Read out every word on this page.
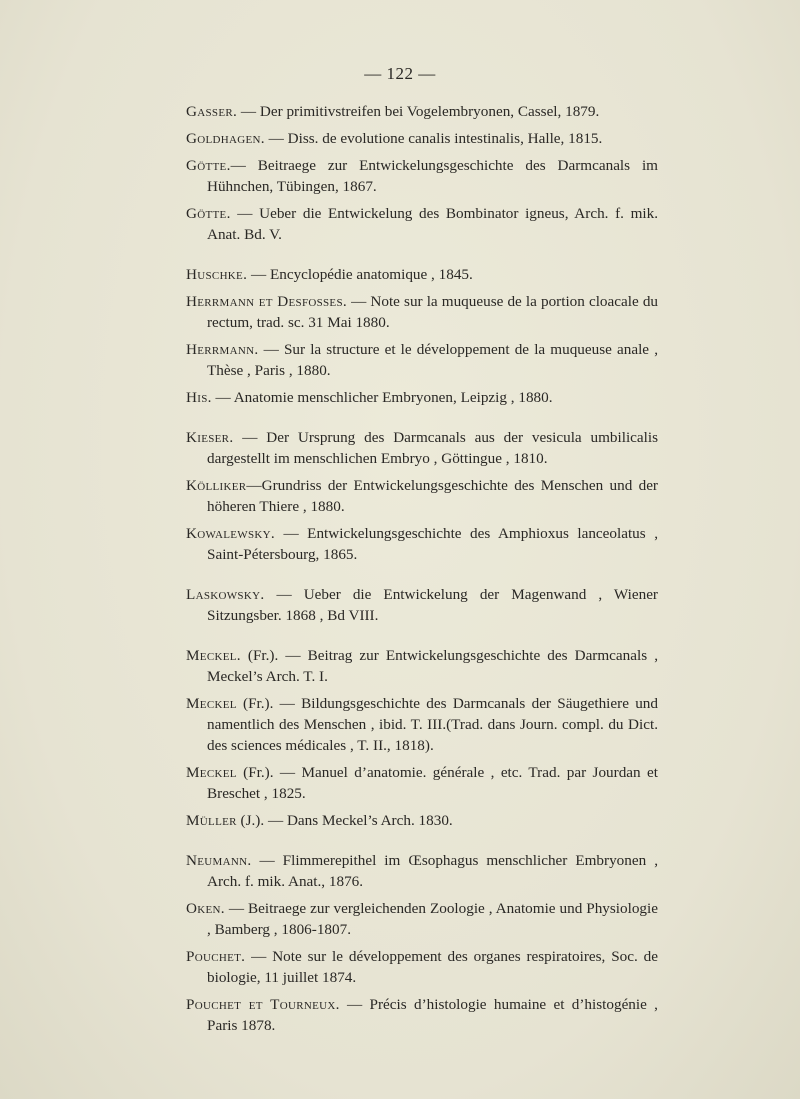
— 122 —

Gasser. — Der primitivstreifen bei Vogelembryonen, Cassel, 1879.

Goldhagen. — Diss. de evolutione canalis intestinalis, Halle, 1815.

Götte.— Beitraege zur Entwickelungsgeschichte des Darmcanals im Hühnchen, Tübingen, 1867.

Götte. — Ueber die Entwickelung des Bombinator igneus, Arch. f. mik. Anat. Bd. V.

Huschke. — Encyclopédie anatomique , 1845.

Herrmann et Desfosses. — Note sur la muqueuse de la portion cloacale du rectum, trad. sc. 31 Mai 1880.

Herrmann. — Sur la structure et le développement de la muqueuse anale , Thèse , Paris , 1880.

His. — Anatomie menschlicher Embryonen, Leipzig , 1880.

Kieser. — Der Ursprung des Darmcanals aus der vesicula umbilicalis dargestellt im menschlichen Embryo , Göttingue , 1810.

Kölliker—Grundriss der Entwickelungsgeschichte des Menschen und der höheren Thiere , 1880.

Kowalewsky. — Entwickelungsgeschichte des Amphioxus lanceolatus , Saint-Pétersbourg, 1865.

Laskowsky. — Ueber die Entwickelung der Magenwand , Wiener Sitzungsber. 1868 , Bd VIII.

Meckel. (Fr.). — Beitrag zur Entwickelungsgeschichte des Darmcanals , Meckel’s Arch. T. I.

Meckel (Fr.). — Bildungsgeschichte des Darmcanals der Säugethiere und namentlich des Menschen , ibid. T. III.(Trad. dans Journ. compl. du Dict. des sciences médicales , T. II., 1818).

Meckel (Fr.). — Manuel d’anatomie. générale , etc. Trad. par Jourdan et Breschet , 1825.

Müller (J.). — Dans Meckel’s Arch. 1830.

Neumann. — Flimmerepithel im Œsophagus menschlicher Embryonen , Arch. f. mik. Anat., 1876.

Oken. — Beitraege zur vergleichenden Zoologie , Anatomie und Physiologie , Bamberg , 1806-1807.

Pouchet. — Note sur le développement des organes respiratoires, Soc. de biologie, 11 juillet 1874.

Pouchet et Tourneux. — Précis d’histologie humaine et d’histogénie , Paris 1878.
